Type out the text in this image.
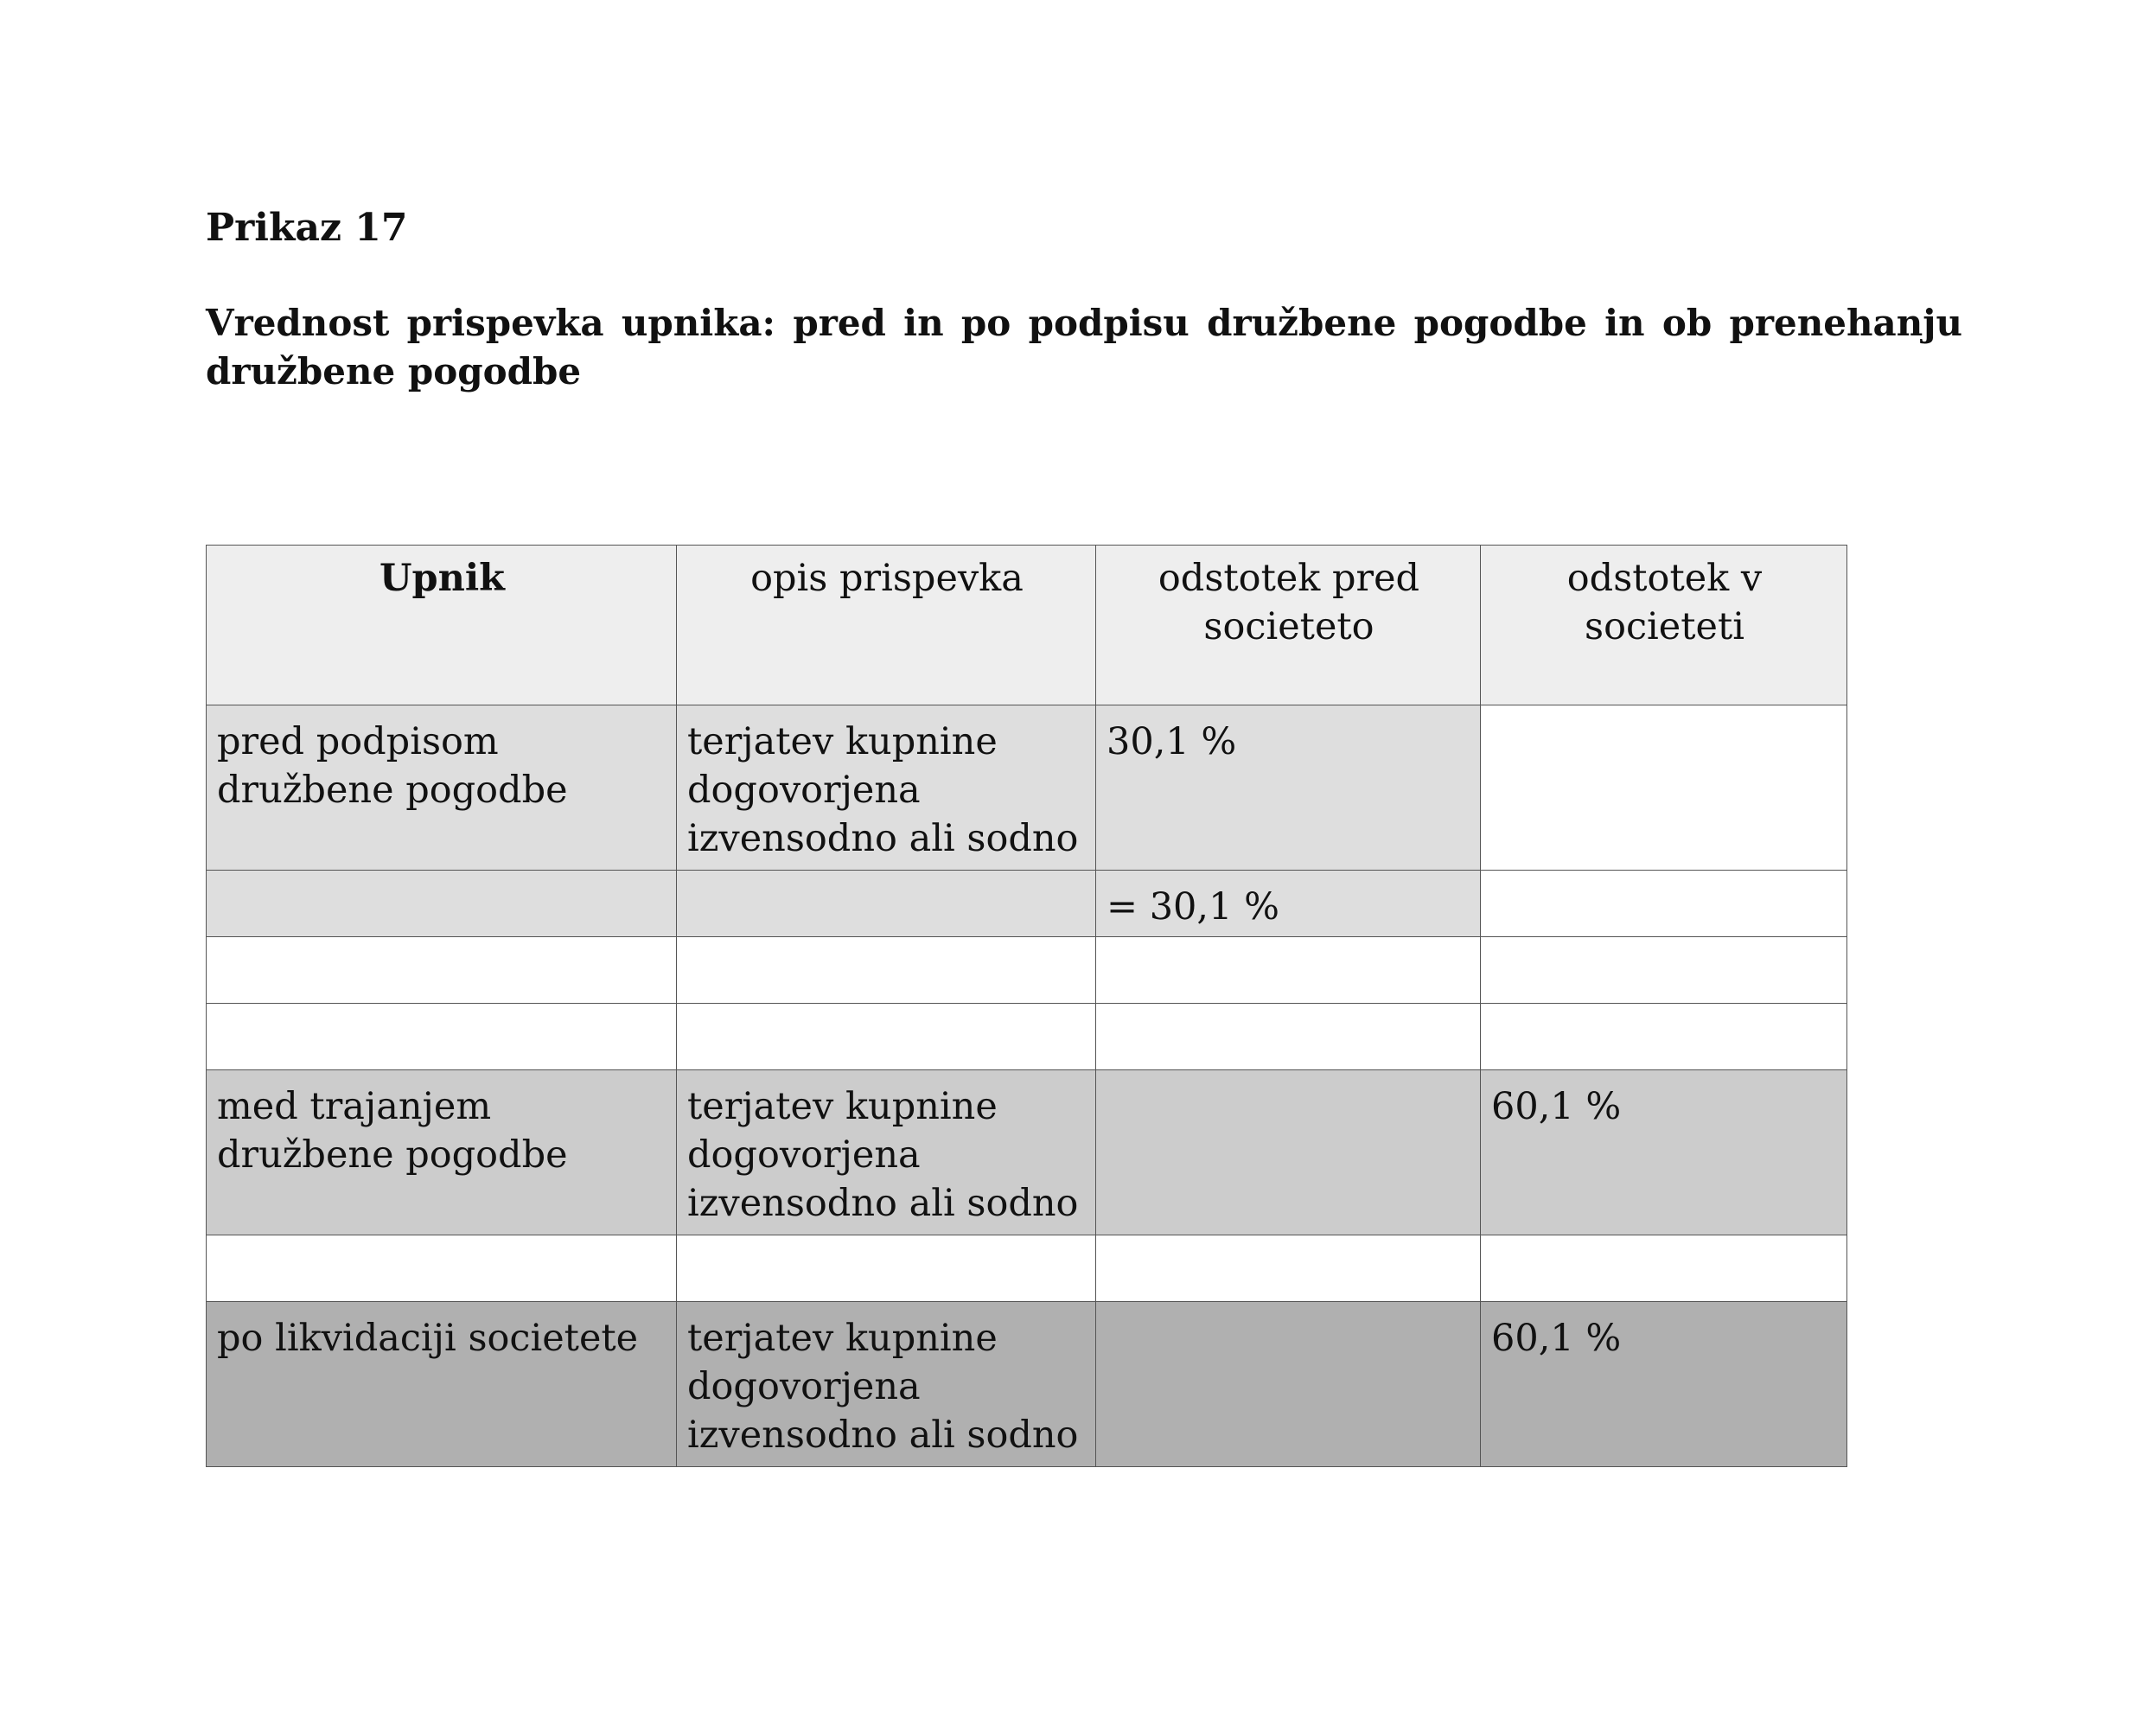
Prikaz 17

Vrednost prispevka upnika: pred in po podpisu družbene pogodbe in ob prenehanju družbene pogodbe

Upnik	opis prispevka	odstotek pred societeto	odstotek v societeti
pred podpisom družbene pogodbe	terjatev kupnine dogovorjena izvensodno ali sodno	30,1 %	
		= 30,1 %	

med trajanjem družbene pogodbe	terjatev kupnine dogovorjena izvensodno ali sodno		60,1 %

po likvidaciji societete	terjatev kupnine dogovorjena izvensodno ali sodno		60,1 %
